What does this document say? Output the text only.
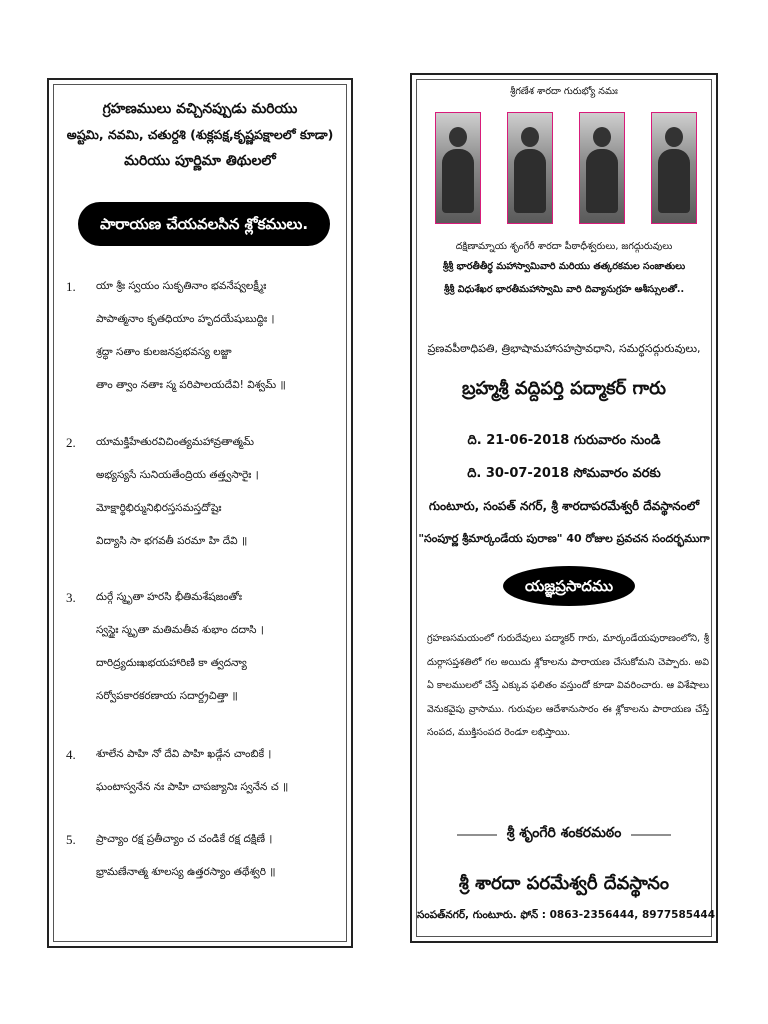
గ్రహణములు వచ్చినప్పుడు మరియు
అష్టమి, నవమి, చతుర్దశి (శుక్లపక్ష,కృష్ణపక్షాలలో కూడా)
మరియు పూర్ణిమా తిథులలో
పారాయణ చేయవలసిన శ్లోకములు.
1. యా శ్రీః స్వయం సుకృతినాం భవనేష్వలక్ష్మీః
పాపాత్మనాం కృతధియాం హృదయేషుబుద్ధిః ।
శ్రద్ధా సతాం కులజనప్రభవస్య లజ్జా
తాం త్వాం నతాః స్మ పరిపాలయదేవి! విశ్వమ్ ॥
2. యామక్తిహేతురవిచింత్యమహావ్రతాత్మమ్
అభ్యస్యసే సునియతేంద్రియ తత్త్వసారైః ।
మోక్షార్థిభిర్మునిభిరస్తసమస్తదోషైః
విద్యాసి సా భగవతీ పరమా హి దేవి ॥
3. దుర్గే స్మృతా హరసి భీతిమశేషజంతోః
స్వస్థైః స్మృతా మతిమతీవ శుభాం దదాసి ।
దారిద్ర్యదుఃఖభయహారిణి కా త్వదన్యా
సర్వోపకారకరణాయ సదార్ద్రచిత్తా ॥
4. శూలేన పాహి నో దేవి పాహి ఖడ్గేన చాంబికే ।
ఘంటాస్వనేన నః పాహి చాపజ్యానిః స్వనేన చ ॥
5. ప్రాచ్యాం రక్ష ప్రతీచ్యాం చ చండికే రక్ష దక్షిణే ।
భ్రామణేనాత్మ శూలస్య ఉత్తరస్యాం తథేశ్వరి ॥
శ్రీగణేశ శారదా గురుభ్యో నమః
దక్షిణామ్నాయ శృంగేరీ శారదా పీఠాధీశ్వరులు, జగద్గురువులు
శ్రీశ్రీ భారతీతీర్థ మహాస్వామివారి మరియు తత్కరకమల సంజాతులు
శ్రీశ్రీ విధుశేఖర భారతీమహాస్వామి వారి దివ్యానుగ్రహ ఆశీస్సులతో..
ప్రణవపీఠాధిపతి, త్రిభాషామహాసహస్రావధాని, సమర్థసద్గురువులు,
బ్రహ్మశ్రీ వద్దిపర్తి పద్మాకర్ గారు
ది. 21-06-2018 గురువారం నుండి
ది. 30-07-2018 సోమవారం వరకు
గుంటూరు, సంపత్ నగర్, శ్రీ శారదాపరమేశ్వరీ దేవస్థానంలో
"సంపూర్ణ శ్రీమార్కండేయ పురాణ" 40 రోజుల ప్రవచన సందర్భముగా
యజ్ఞప్రసాదము
గ్రహణసమయంలో గురుదేవులు పద్మాకర్ గారు, మార్కండేయపురాణంలోని, శ్రీ దుర్గాసప్తశతిలో గల అయిదు శ్లోకాలను పారాయణ చేసుకోమని చెప్పారు. అవి ఏ కాలములలో చేస్తే ఎక్కువ ఫలితం వస్తుందో కూడా వివరించారు. ఆ విశేషాలు వెనుకవైపు వ్రాసాము. గురువుల ఆదేశానుసారం ఈ శ్లోకాలను పారాయణ చేస్తే సంపద, ముక్తిసంపద రెండూ లభిస్తాయి.
శ్రీ శృంగేరి శంకరమఠం
శ్రీ శారదా పరమేశ్వరీ దేవస్థానం
సంపత్‌నగర్, గుంటూరు. ఫోన్ : 0863-2356444, 8977585444
